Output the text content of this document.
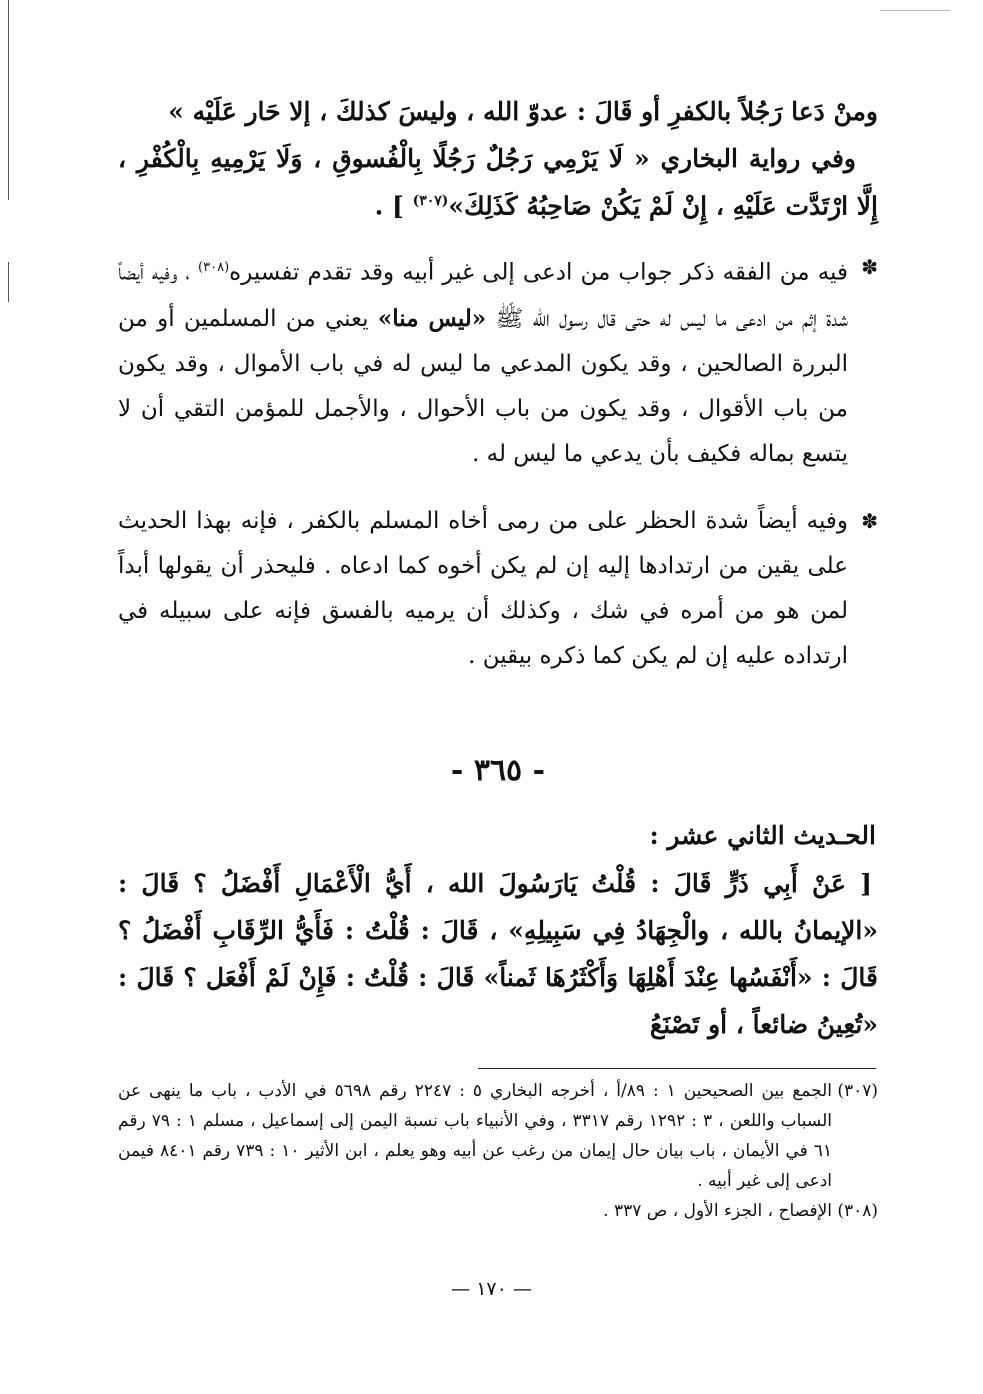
ومنْ دَعا رَجُلاً بالكفرِ أو قَالَ : عدوّ الله ، وليسَ كذلكَ ، إلا حَار عَلَيْه »

وفي رواية البخاري « لَا يَرْمِي رَجُلٌ رَجُلًا بِالْفُسوقِ ، وَلَا يَرْمِيهِ بِالْكُفْرِ ، إِلَّا ارْتَدَّت عَلَيْهِ ، إِنْ لَمْ يَكُنْ صَاحِبُهُ كَذَلِكَ»$^{(٣٠٧)}$ ] .

✽
فيه من الفقه ذكر جواب من ادعى إلى غير أبيه وقد تقدم تفسيره$^{(٣٠٨)}$ ، وفيه أيضاً شدة إثم من ادعى ما ليس له حتى قال رسول الله ﷺ «ليس منا» يعني من المسلمين أو من البررة الصالحين ، وقد يكون المدعي ما ليس له في باب الأموال ، وقد يكون من باب الأقوال ، وقد يكون من باب الأحوال ، والأجمل للمؤمن التقي أن لا يتسع بماله فكيف بأن يدعي ما ليس له .
✽
وفيه أيضاً شدة الحظر على من رمى أخاه المسلم بالكفر ، فإنه بهذا الحديث على يقين من ارتدادها إليه إن لم يكن أخوه كما ادعاه . فليحذر أن يقولها أبداً لمن هو من أمره في شك ، وكذلك أن يرميه بالفسق فإنه على سبيله في ارتداده عليه إن لم يكن كما ذكره بيقين .
- ٣٦٥ -
الحـديث الثاني عشر :

[ عَنْ أَبِي ذَرٍّ قَالَ : قُلْتُ يَارَسُولَ الله ، أَيُّ الْأَعْمَالِ أَفْضَلُ ؟ قَالَ : «الإيمانُ بالله ، والْجِهَادُ فِي سَبِيلِهِ» ، قَالَ : قُلْتُ : فَأَيُّ الرِّقَابِ أَفْضَلُ ؟ قَالَ : «أَنْفَسُها عِنْدَ أَهْلِهَا وَأَكْثَرُهَا ثَمناً» قَالَ : قُلْتُ : فَإِنْ لَمْ أَفْعَل ؟ قَالَ : «تُعِينُ ضائعاً ، أو تَصْنَعُ

(٣٠٧)
الجمع بين الصحيحين ١ : ٨٩/أ ، أخرجه البخاري ٥ : ٢٢٤٧ رقم ٥٦٩٨ في الأدب ، باب ما ينهى عن السباب واللعن ، ٣ : ١٢٩٢ رقم ٣٣١٧ ، وفي الأنبياء باب نسبة اليمن إلى إسماعيل ، مسلم ١ : ٧٩ رقم ٦١ في الأيمان ، باب بيان حال إيمان من رغب عن أبيه وهو يعلم ، ابن الأثير ١٠ : ٧٣٩ رقم ٨٤٠١ فيمن ادعى إلى غير أبيه .
(٣٠٨)
الإفصاح ، الجزء الأول ، ص ٣٣٧ .
— ١٧٠ —
